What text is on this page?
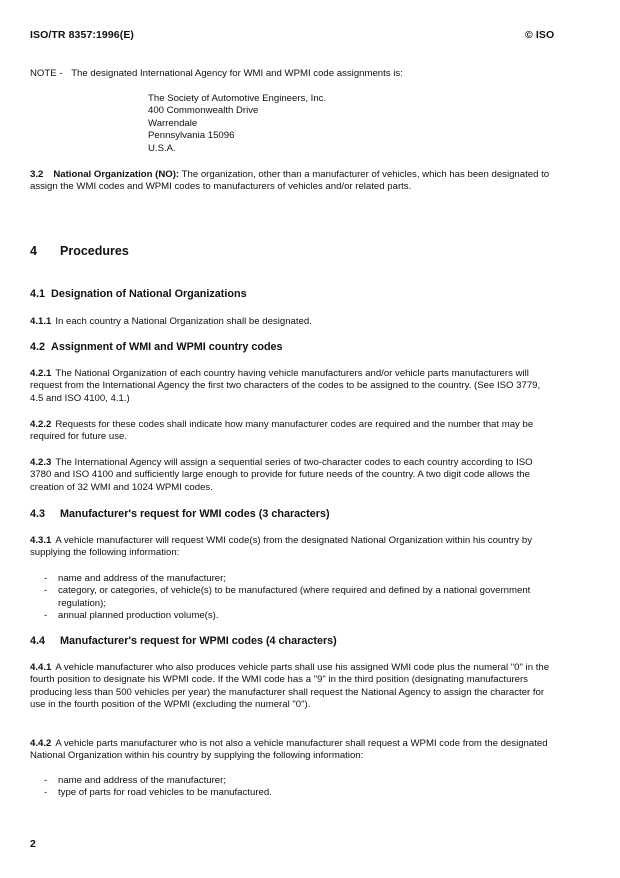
ISO/TR 8357:1996(E)	© ISO
NOTE - The designated International Agency for WMI and WPMI code assignments is:
The Society of Automotive Engineers, Inc.
400 Commonwealth Drive
Warrendale
Pennsylvania 15096
U.S.A.
3.2 National Organization (NO): The organization, other than a manufacturer of vehicles, which has been designated to assign the WMI codes and WPMI codes to manufacturers of vehicles and/or related parts.
4 Procedures
4.1 Designation of National Organizations
4.1.1 In each country a National Organization shall be designated.
4.2 Assignment of WMI and WPMI country codes
4.2.1 The National Organization of each country having vehicle manufacturers and/or vehicle parts manufacturers will request from the International Agency the first two characters of the codes to be assigned to the country. (See ISO 3779, 4.5 and ISO 4100, 4.1.)
4.2.2 Requests for these codes shall indicate how many manufacturer codes are required and the number that may be required for future use.
4.2.3 The International Agency will assign a sequential series of two-character codes to each country according to ISO 3780 and ISO 4100 and sufficiently large enough to provide for future needs of the country. A two digit code allows the creation of 32 WMI and 1024 WPMI codes.
4.3 Manufacturer's request for WMI codes (3 characters)
4.3.1 A vehicle manufacturer will request WMI code(s) from the designated National Organization within his country by supplying the following information:
- name and address of the manufacturer;
- category, or categories, of vehicle(s) to be manufactured (where required and defined by a national government regulation);
- annual planned production volume(s).
4.4 Manufacturer's request for WPMI codes (4 characters)
4.4.1 A vehicle manufacturer who also produces vehicle parts shall use his assigned WMI code plus the numeral "0" in the fourth position to designate his WPMI code. If the WMI code has a "9" in the third position (designating manufacturers producing less than 500 vehicles per year) the manufacturer shall request the National Agency to assign the character for use in the fourth position of the WPMI (excluding the numeral "0").
4.4.2 A vehicle parts manufacturer who is not also a vehicle manufacturer shall request a WPMI code from the designated National Organization within his country by supplying the following information:
- name and address of the manufacturer;
- type of parts for road vehicles to be manufactured.
2
